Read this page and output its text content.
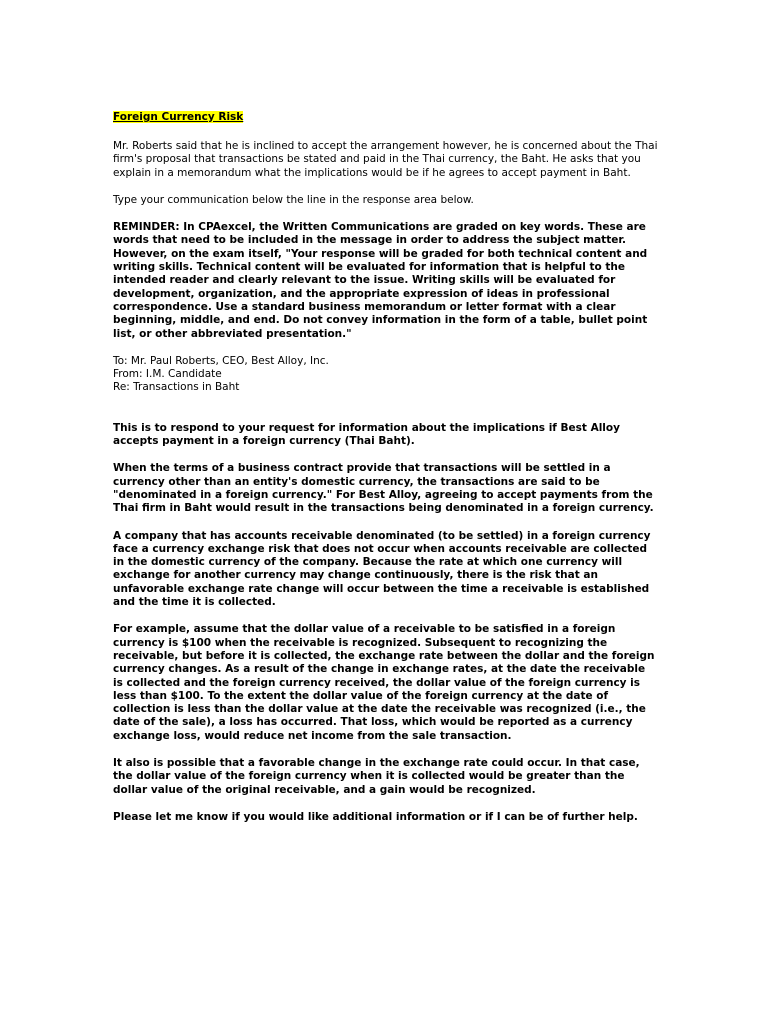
Foreign Currency Risk

Mr. Roberts said that he is inclined to accept the arrangement however, he is concerned about the Thai firm's proposal that transactions be stated and paid in the Thai currency, the Baht. He asks that you explain in a memorandum what the implications would be if he agrees to accept payment in Baht.

Type your communication below the line in the response area below.

REMINDER: In CPAexcel, the Written Communications are graded on key words. These are words that need to be included in the message in order to address the subject matter. However, on the exam itself, "Your response will be graded for both technical content and writing skills. Technical content will be evaluated for information that is helpful to the intended reader and clearly relevant to the issue. Writing skills will be evaluated for development, organization, and the appropriate expression of ideas in professional correspondence. Use a standard business memorandum or letter format with a clear beginning, middle, and end. Do not convey information in the form of a table, bullet point list, or other abbreviated presentation."

To: Mr. Paul Roberts, CEO, Best Alloy, Inc.

From: I.M. Candidate

Re: Transactions in Baht

This is to respond to your request for information about the implications if Best Alloy accepts payment in a foreign currency (Thai Baht).

When the terms of a business contract provide that transactions will be settled in a currency other than an entity's domestic currency, the transactions are said to be "denominated in a foreign currency." For Best Alloy, agreeing to accept payments from the Thai firm in Baht would result in the transactions being denominated in a foreign currency.

A company that has accounts receivable denominated (to be settled) in a foreign currency face a currency exchange risk that does not occur when accounts receivable are collected in the domestic currency of the company. Because the rate at which one currency will exchange for another currency may change continuously, there is the risk that an unfavorable exchange rate change will occur between the time a receivable is established and the time it is collected.

For example, assume that the dollar value of a receivable to be satisfied in a foreign currency is $100 when the receivable is recognized. Subsequent to recognizing the receivable, but before it is collected, the exchange rate between the dollar and the foreign currency changes. As a result of the change in exchange rates, at the date the receivable is collected and the foreign currency received, the dollar value of the foreign currency is less than $100. To the extent the dollar value of the foreign currency at the date of collection is less than the dollar value at the date the receivable was recognized (i.e., the date of the sale), a loss has occurred. That loss, which would be reported as a currency exchange loss, would reduce net income from the sale transaction.

It also is possible that a favorable change in the exchange rate could occur. In that case, the dollar value of the foreign currency when it is collected would be greater than the dollar value of the original receivable, and a gain would be recognized.

Please let me know if you would like additional information or if I can be of further help.
